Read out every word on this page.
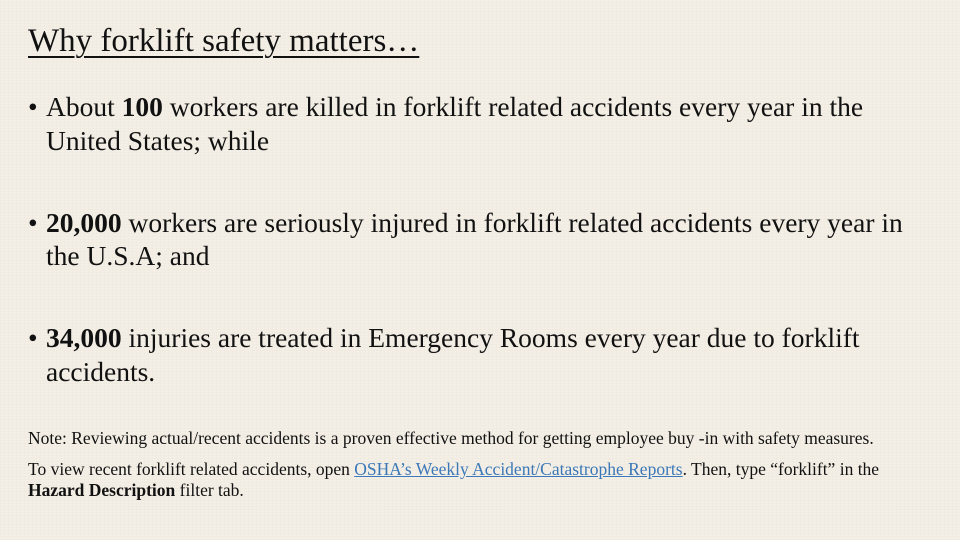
Why forklift safety matters…
• About 100 workers are killed in forklift related accidents every year in the United States; while
• 20,000 workers are seriously injured in forklift related accidents every year in the U.S.A; and
• 34,000 injuries are treated in Emergency Rooms every year due to forklift accidents.

Note: Reviewing actual/recent accidents is a proven effective method for getting employee buy -in with safety measures.

To view recent forklift related accidents, open OSHA’s Weekly Accident/Catastrophe Reports. Then, type “forklift” in the Hazard Description filter tab.
